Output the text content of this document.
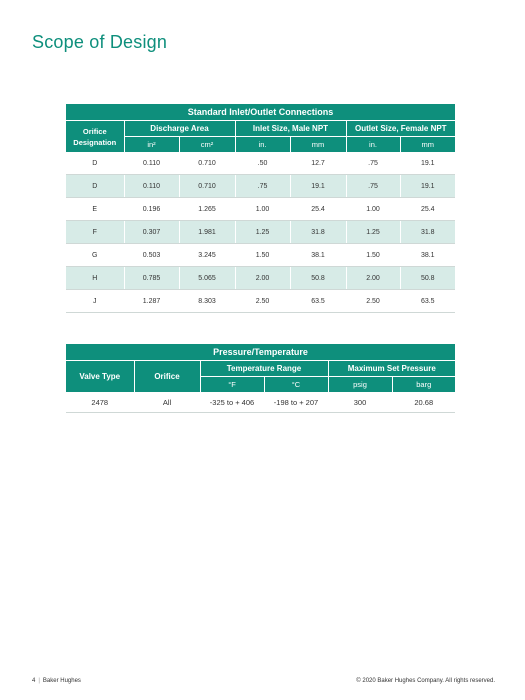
Scope of Design
Standard Inlet/Outlet Connections						
Orifice Designation	Discharge Area		Inlet Size, Male NPT		Outlet Size, Female NPT	
	in²	cm²	in.	mm	in.	mm
D	0.110	0.710	.50	12.7	.75	19.1
D	0.110	0.710	.75	19.1	.75	19.1
E	0.196	1.265	1.00	25.4	1.00	25.4
F	0.307	1.981	1.25	31.8	1.25	31.8
G	0.503	3.245	1.50	38.1	1.50	38.1
H	0.785	5.065	2.00	50.8	2.00	50.8
J	1.287	8.303	2.50	63.5	2.50	63.5
Pressure/Temperature					
Valve Type	Orifice	Temperature Range		Maximum Set Pressure	
		°F	°C	psig	barg
2478	All	-325 to + 406	-198 to + 207	300	20.68
4 | Baker Hughes	© 2020 Baker Hughes Company. All rights reserved.
